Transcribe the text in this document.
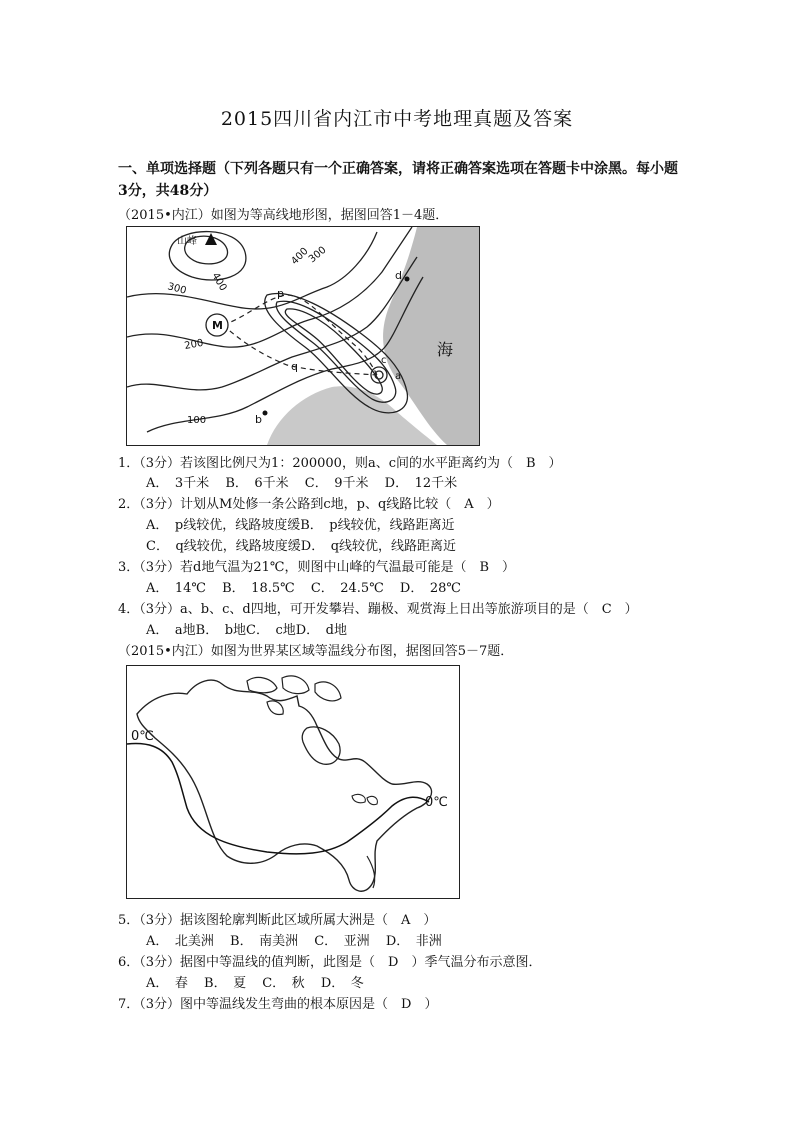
2015四川省内江市中考地理真题及答案
一、单项选择题（下列各题只有一个正确答案，请将正确答案选项在答题卡中涂黑。每小题3分，共48分）
（2015•内江）如图为等高线地形图，据图回答1－4题．
山峰
M
400
300
400
300
200
100
p
q
a
b
c
d
海
1．（3分）若该图比例尺为1：200000，则a、c间的水平距离约为（　B　）
A．　3千米 B．　6千米 C．　9千米 D．　12千米
2．（3分）计划从M处修一条公路到c地，p、q线路比较（　A　）
A．　p线较优，线路坡度缓B．　p线较优，线路距离近
C．　q线较优，线路坡度缓D．　q线较优，线路距离近
3．（3分）若d地气温为21℃，则图中山峰的气温最可能是（　B　）
A．　14℃ B．　18.5℃ C．　24.5℃ D．　28℃
4．（3分）a、b、c、d四地，可开发攀岩、蹦极、观赏海上日出等旅游项目的是（　C　）
A．　a地B．　b地C．　c地D．　d地
（2015•内江）如图为世界某区域等温线分布图，据图回答5－7题．
0℃
0℃
5．（3分）据该图轮廓判断此区域所属大洲是（　A　）
A．　北美洲 B．　南美洲 C．　亚洲 D．　非洲
6．（3分）据图中等温线的值判断，此图是（　D　）季气温分布示意图．
A．　春 B．　夏 C．　秋 D．　冬
7．（3分）图中等温线发生弯曲的根本原因是（　D　）
